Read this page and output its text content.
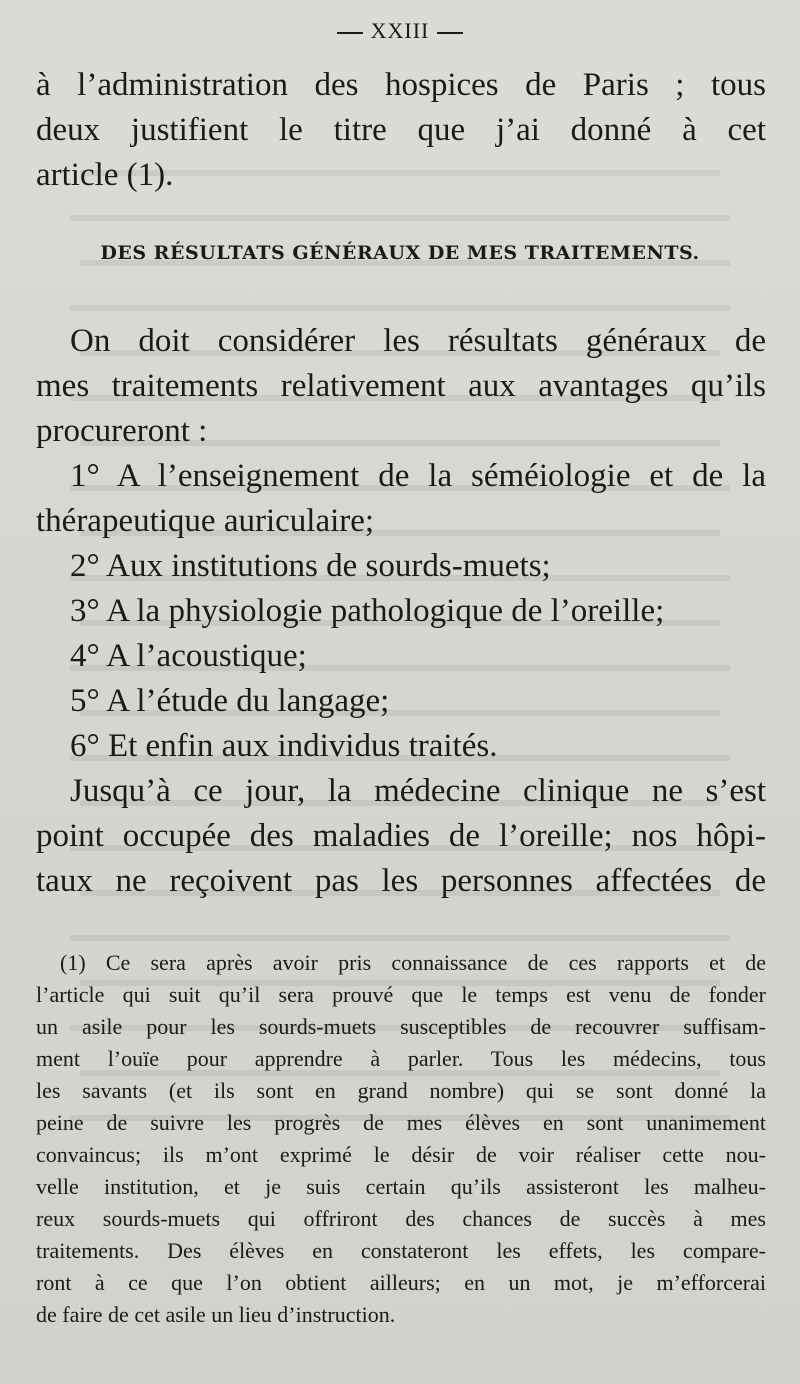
XXIII
à l’administration des hospices de Paris ; tous
deux justifient le titre que j’ai donné à cet
article (1).
DES RÉSULTATS GÉNÉRAUX DE MES TRAITEMENTS.
On doit considérer les résultats généraux de
mes traitements relativement aux avantages qu’ils
procureront :
1° A l’enseignement de la séméiologie et de la
thérapeutique auriculaire;
2° Aux institutions de sourds-muets;
3° A la physiologie pathologique de l’oreille;
4° A l’acoustique;
5° A l’étude du langage;
6° Et enfin aux individus traités.
Jusqu’à ce jour, la médecine clinique ne s’est
point occupée des maladies de l’oreille; nos hôpi-
taux ne reçoivent pas les personnes affectées de
(1) Ce sera après avoir pris connaissance de ces rapports et de
l’article qui suit qu’il sera prouvé que le temps est venu de fonder
un asile pour les sourds-muets susceptibles de recouvrer suffisam-
ment l’ouïe pour apprendre à parler. Tous les médecins, tous
les savants (et ils sont en grand nombre) qui se sont donné la
peine de suivre les progrès de mes élèves en sont unanimement
convaincus; ils m’ont exprimé le désir de voir réaliser cette nou-
velle institution, et je suis certain qu’ils assisteront les malheu-
reux sourds-muets qui offriront des chances de succès à mes
traitements. Des élèves en constateront les effets, les compare-
ront à ce que l’on obtient ailleurs; en un mot, je m’efforcerai
de faire de cet asile un lieu d’instruction.
